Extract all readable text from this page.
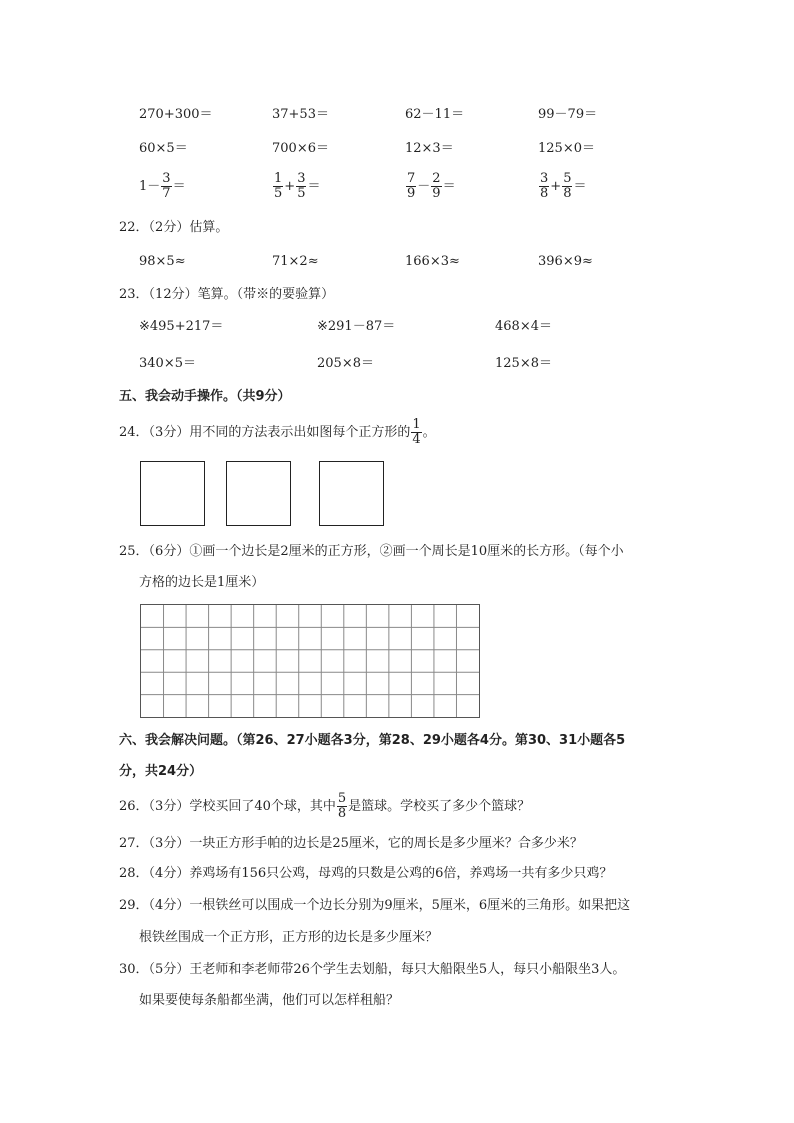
270+300＝	37+53＝	62－11＝	99－79＝
60×5＝	700×6＝	12×3＝	125×0＝
$1- \frac{3}{7}$ ＝	$\frac{1}{5} + \frac{3}{5}$ ＝	$\frac{7}{9} - \frac{2}{9}$ ＝	$\frac{3}{8} + \frac{5}{8}$ ＝
22．（2分）估算。
98×5≈	71×2≈	166×3≈	396×9≈
23．（12分）笔算。（带※的要验算）
※495+217＝	※291－87＝	468×4＝
340×5＝	205×8＝	125×8＝
五、我会动手操作。（共9分）
24．（3分）用不同的方法表示出如图每个正方形的 $\frac{1}{4}$ 。
25．（6分）①画一个边长是2厘米的正方形，②画一个周长是10厘米的长方形。（每个小
方格的边长是1厘米）
六、我会解决问题。（第26、27小题各3分，第28、29小题各4分。第30、31小题各5
分，共24分）
26．（3分）学校买回了40个球，其中 $\frac{5}{8}$ 是篮球。学校买了多少个篮球？
27．（3分）一块正方形手帕的边长是25厘米，它的周长是多少厘米？合多少米？
28．（4分）养鸡场有156只公鸡，母鸡的只数是公鸡的6倍，养鸡场一共有多少只鸡？
29．（4分）一根铁丝可以围成一个边长分别为9厘米，5厘米，6厘米的三角形。如果把这
根铁丝围成一个正方形，正方形的边长是多少厘米？
30．（5分）王老师和李老师带26个学生去划船，每只大船限坐5人，每只小船限坐3人。
如果要使每条船都坐满，他们可以怎样租船？
